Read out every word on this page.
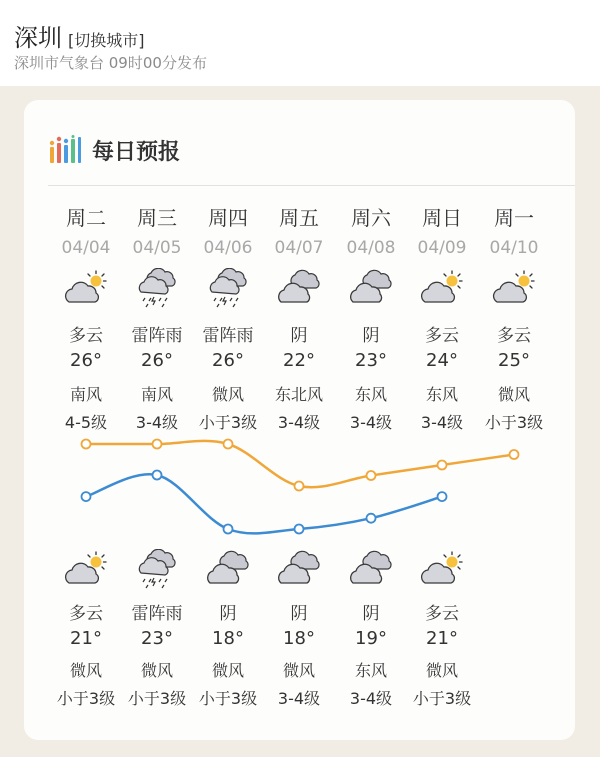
深圳 [切换城市]
深圳市气象台 09时00分发布
每日预报
周二
04/04
多云
26°
南风
4-5级
多云
21°
微风
小于3级
周三
04/05
雷阵雨
26°
南风
3-4级
雷阵雨
23°
微风
小于3级
周四
04/06
雷阵雨
26°
微风
小于3级
阴
18°
微风
小于3级
周五
04/07
阴
22°
东北风
3-4级
阴
18°
微风
3-4级
周六
04/08
阴
23°
东风
3-4级
阴
19°
东风
3-4级
周日
04/09
多云
24°
东风
3-4级
多云
21°
微风
小于3级
周一
04/10
多云
25°
微风
小于3级
